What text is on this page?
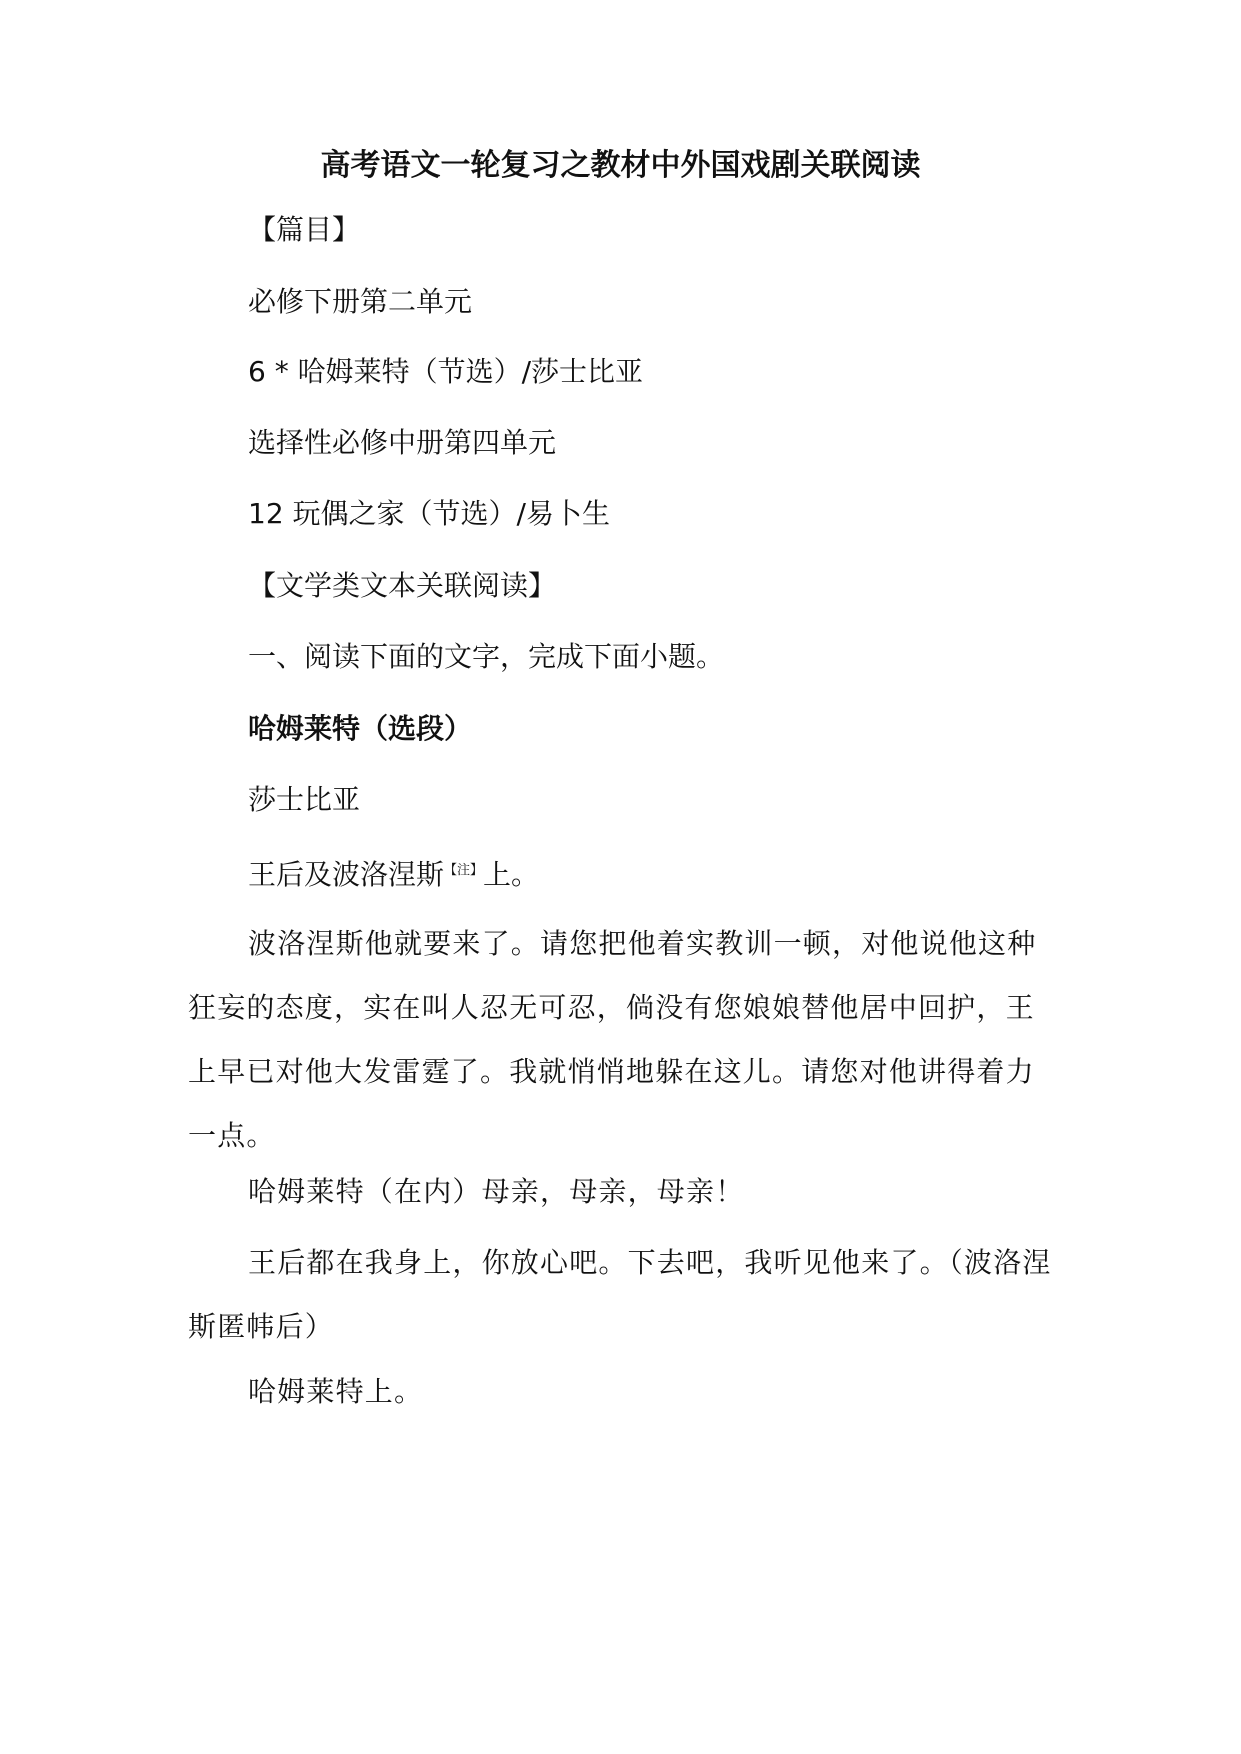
高考语文一轮复习之教材中外国戏剧关联阅读
【篇目】
必修下册第二单元
6 * 哈姆莱特（节选）/莎士比亚
选择性必修中册第四单元
12 玩偶之家（节选）/易卜生
【文学类文本关联阅读】
一、阅读下面的文字，完成下面小题。
哈姆莱特（选段）
莎士比亚
王后及波洛涅斯$^{【注】}$上。
波洛涅斯他就要来了。请您把他着实教训一顿，对他说他这种狂妄的态度，实在叫人忍无可忍，倘没有您娘娘替他居中回护，王上早已对他大发雷霆了。我就悄悄地躲在这儿。请您对他讲得着力一点。
哈姆莱特（在内）母亲，母亲，母亲！
王后都在我身上，你放心吧。下去吧，我听见他来了。（波洛涅斯匿帏后）
哈姆莱特上。
